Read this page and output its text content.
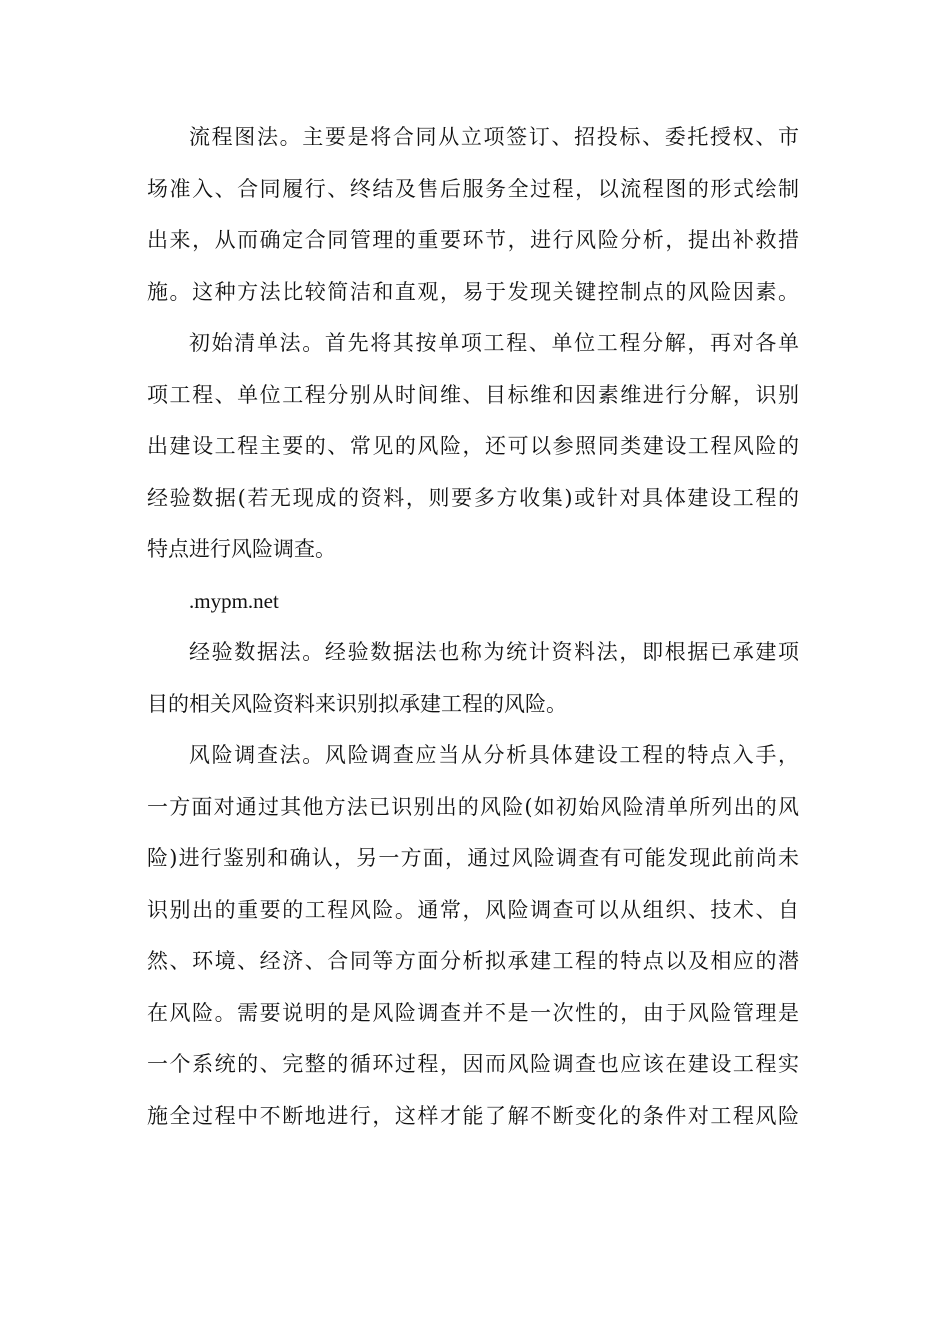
流程图法。主要是将合同从立项签订、招投标、委托授权、市
场准入、合同履行、终结及售后服务全过程，以流程图的形式绘制
出来，从而确定合同管理的重要环节，进行风险分析，提出补救措
施。这种方法比较简洁和直观，易于发现关键控制点的风险因素。

初始清单法。首先将其按单项工程、单位工程分解，再对各单
项工程、单位工程分别从时间维、目标维和因素维进行分解，识别
出建设工程主要的、常见的风险，还可以参照同类建设工程风险的
经验数据(若无现成的资料，则要多方收集)或针对具体建设工程的
特点进行风险调查。

.mypm.net

经验数据法。经验数据法也称为统计资料法，即根据已承建项
目的相关风险资料来识别拟承建工程的风险。

风险调查法。风险调查应当从分析具体建设工程的特点入手，
一方面对通过其他方法已识别出的风险(如初始风险清单所列出的风
险)进行鉴别和确认，另一方面，通过风险调查有可能发现此前尚未
识别出的重要的工程风险。通常，风险调查可以从组织、技术、自
然、环境、经济、合同等方面分析拟承建工程的特点以及相应的潜
在风险。需要说明的是风险调查并不是一次性的，由于风险管理是
一个系统的、完整的循环过程，因而风险调查也应该在建设工程实
施全过程中不断地进行，这样才能了解不断变化的条件对工程风险
